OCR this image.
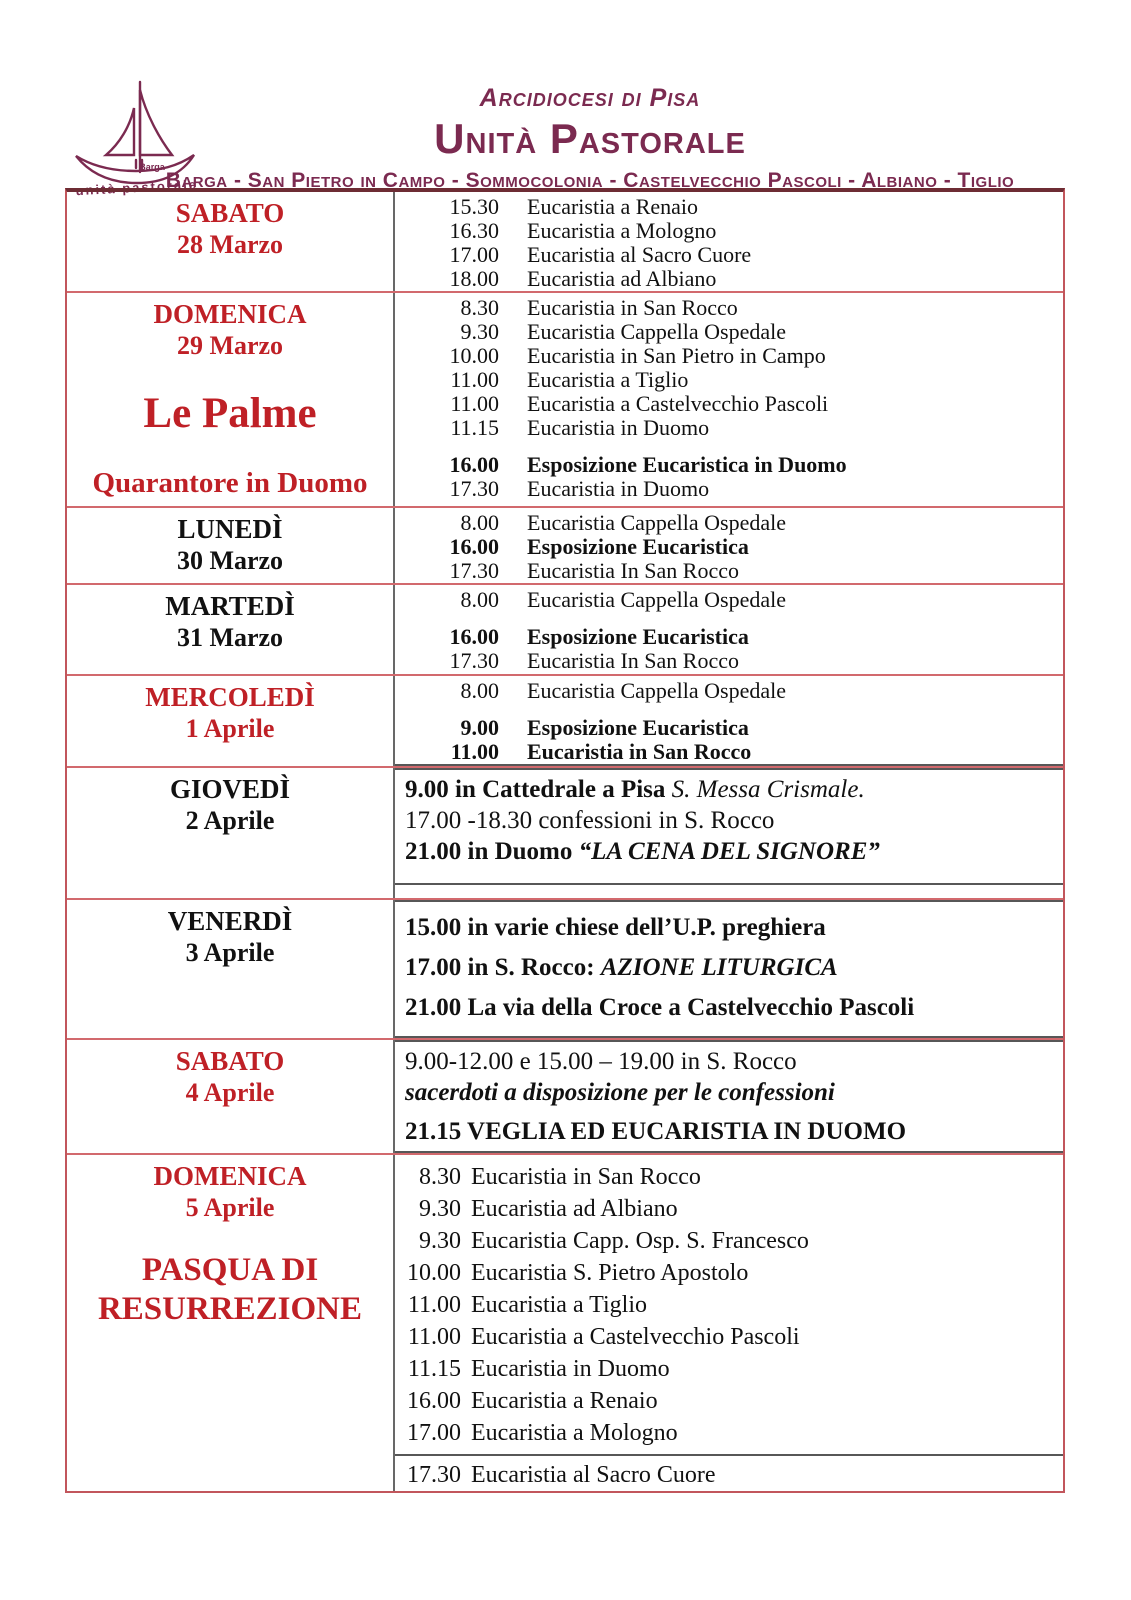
Barga
unità pastorale
Arcidiocesi di Pisa
Unità Pastorale
Barga - San Pietro in Campo - Sommocolonia - Castelvecchio Pascoli - Albiano - Tiglio
SABATO
28 Marzo
15.30 Eucaristia a Renaio
16.30 Eucaristia a Mologno
17.00 Eucaristia al Sacro Cuore
18.00 Eucaristia ad Albiano
DOMENICA
29 Marzo
Le Palme
Quarantore in Duomo
8.30 Eucaristia in San Rocco
9.30 Eucaristia Cappella Ospedale
10.00 Eucaristia in San Pietro in Campo
11.00 Eucaristia a Tiglio
11.00 Eucaristia a Castelvecchio Pascoli
11.15 Eucaristia in Duomo
16.00 Esposizione Eucaristica in Duomo
17.30 Eucaristia in Duomo
LUNEDÌ
30 Marzo
8.00 Eucaristia Cappella Ospedale
16.00 Esposizione Eucaristica
17.30 Eucaristia In San Rocco
MARTEDÌ
31 Marzo
8.00 Eucaristia Cappella Ospedale
16.00 Esposizione Eucaristica
17.30 Eucaristia In San Rocco
MERCOLEDÌ
1 Aprile
8.00 Eucaristia Cappella Ospedale
9.00 Esposizione Eucaristica
11.00 Eucaristia in San Rocco
GIOVEDÌ
2 Aprile
9.00 in Cattedrale a Pisa S. Messa Crismale.
17.00 -18.30 confessioni in S. Rocco
21.00 in Duomo “LA CENA DEL SIGNORE”
VENERDÌ
3 Aprile
15.00 in varie chiese dell’U.P. preghiera
17.00 in S. Rocco: AZIONE LITURGICA
21.00 La via della Croce a Castelvecchio Pascoli
SABATO
4 Aprile
9.00-12.00 e 15.00 – 19.00 in S. Rocco
sacerdoti a disposizione per le confessioni
21.15 VEGLIA ED EUCARISTIA IN DUOMO
DOMENICA
5 Aprile
PASQUA DI RESURREZIONE
8.30 Eucaristia in San Rocco
9.30 Eucaristia ad Albiano
9.30 Eucaristia Capp. Osp. S. Francesco
10.00 Eucaristia S. Pietro Apostolo
11.00 Eucaristia a Tiglio
11.00 Eucaristia a Castelvecchio Pascoli
11.15 Eucaristia in Duomo
16.00 Eucaristia a Renaio
17.00 Eucaristia a Mologno
17.30 Eucaristia al Sacro Cuore
